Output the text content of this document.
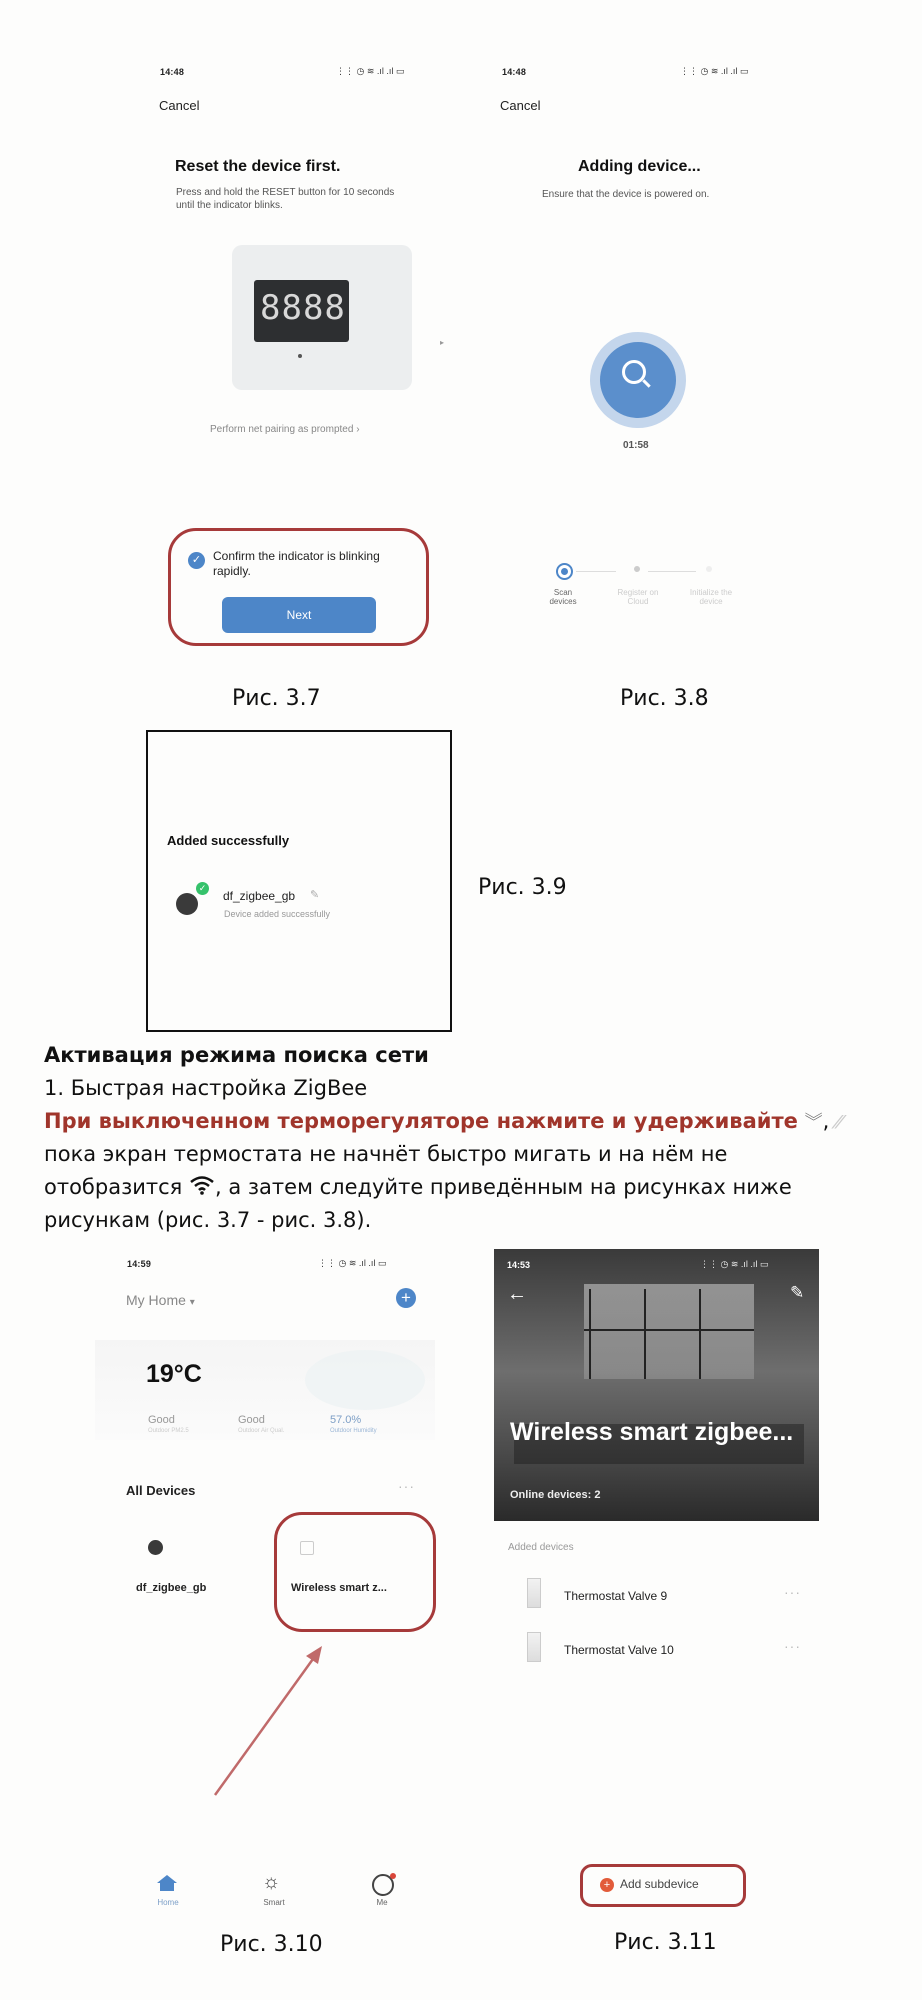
14:48	⋮⋮ ◷ ≋ .ıl .ıl ▭
Cancel
Reset the device first.
Press and hold the RESET button for 10 seconds until the indicator blinks.
8888
▸
Perform net pairing as prompted ›
✓ Confirm the indicator is blinking rapidly.
Next
Рис. 3.7
14:48	⋮⋮ ◷ ≋ .ıl .ıl ▭
Cancel
Adding device...
Ensure that the device is powered on.
01:58
Scan devices
Register on Cloud
Initialize the device
Рис. 3.8
Added successfully
✓
df_zigbee_gb ✎
Device added successfully
Рис. 3.9
Активация режима поиска сети
1. Быстрая настройка ZigBee
При выключенном терморегуляторе нажмите и удерживайте ︾, ⁄⁄
пока экран термостата не начнёт быстро мигать и на нём не
отобразится , а затем следуйте приведённым на рисунках ниже
рисункам (рис. 3.7 - рис. 3.8).
14:59	⋮⋮ ◷ ≋ .ıl .ıl ▭
My Home ▾	+
19°C
Good
Outdoor PM2.5
Good
Outdoor Air Qual.
57.0%
Outdoor Humidity
All Devices	···
df_zigbee_gb	Wireless smart z...
Home
☼
Smart	Me
Рис. 3.10
14:53	⋮⋮ ◷ ≋ .ıl .ıl ▭
←	✎
Wireless smart zigbee...
Online devices: 2
Added devices
Thermostat Valve 9	···
Thermostat Valve 10	···
+ Add subdevice
Рис. 3.11
